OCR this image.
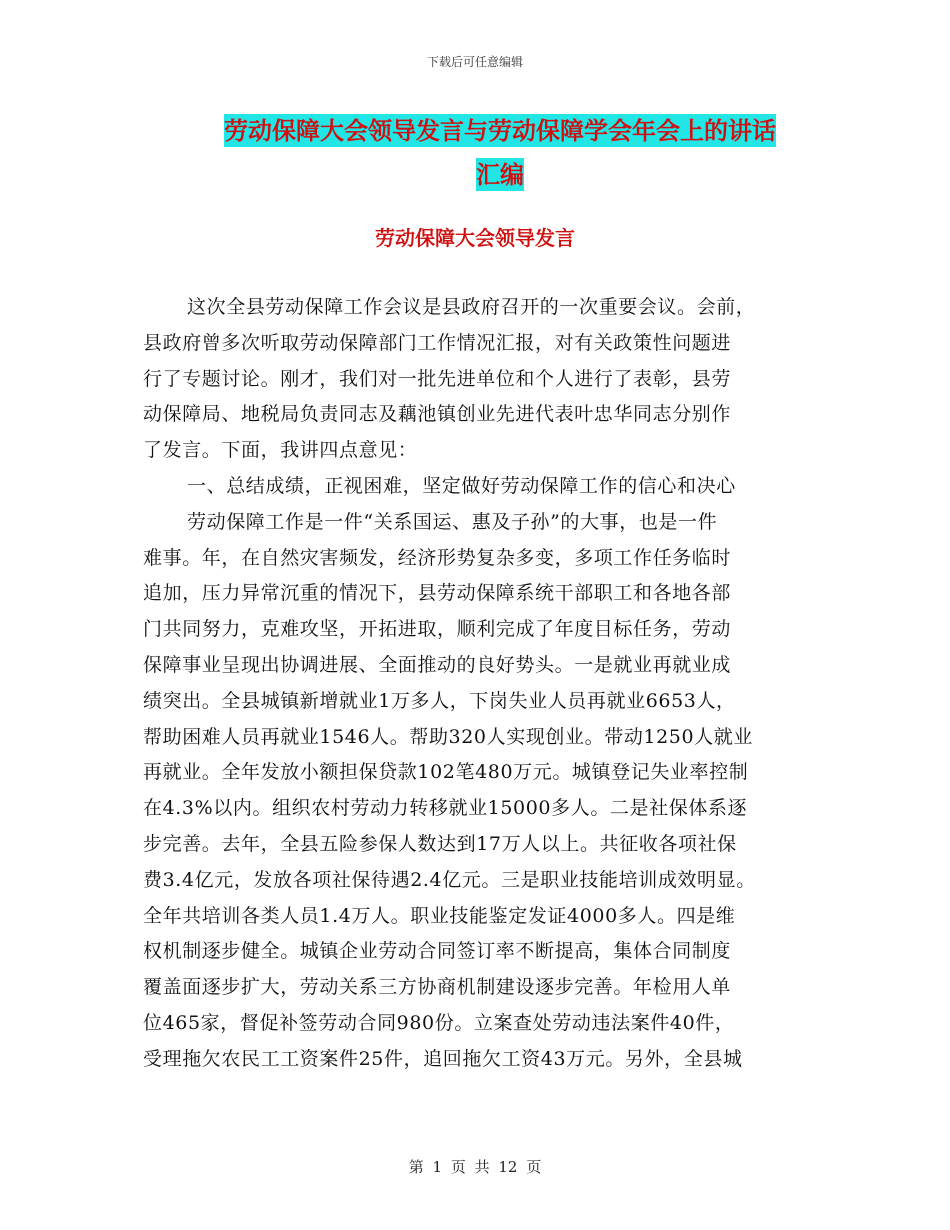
下载后可任意编辑
劳动保障大会领导发言与劳动保障学会年会上的讲话
汇编
劳动保障大会领导发言
这次全县劳动保障工作会议是县政府召开的一次重要会议。会前，
县政府曾多次听取劳动保障部门工作情况汇报，对有关政策性问题进
行了专题讨论。刚才，我们对一批先进单位和个人进行了表彰，县劳
动保障局、地税局负责同志及藕池镇创业先进代表叶忠华同志分别作
了发言。下面，我讲四点意见：
一、总结成绩，正视困难，坚定做好劳动保障工作的信心和决心
劳动保障工作是一件“关系国运、惠及子孙”的大事，也是一件
难事。年，在自然灾害频发，经济形势复杂多变，多项工作任务临时
追加，压力异常沉重的情况下，县劳动保障系统干部职工和各地各部
门共同努力，克难攻坚，开拓进取，顺利完成了年度目标任务，劳动
保障事业呈现出协调进展、全面推动的良好势头。一是就业再就业成
绩突出。全县城镇新增就业1万多人，下岗失业人员再就业6653人，
帮助困难人员再就业1546人。帮助320人实现创业。带动1250人就业
再就业。全年发放小额担保贷款102笔480万元。城镇登记失业率控制
在4.3%以内。组织农村劳动力转移就业15000多人。二是社保体系逐
步完善。去年，全县五险参保人数达到17万人以上。共征收各项社保
费3.4亿元，发放各项社保待遇2.4亿元。三是职业技能培训成效明显。
全年共培训各类人员1.4万人。职业技能鉴定发证4000多人。四是维
权机制逐步健全。城镇企业劳动合同签订率不断提高，集体合同制度
覆盖面逐步扩大，劳动关系三方协商机制建设逐步完善。年检用人单
位465家，督促补签劳动合同980份。立案查处劳动违法案件40件，
受理拖欠农民工工资案件25件，追回拖欠工资43万元。另外，全县城
第 1 页 共 12 页
